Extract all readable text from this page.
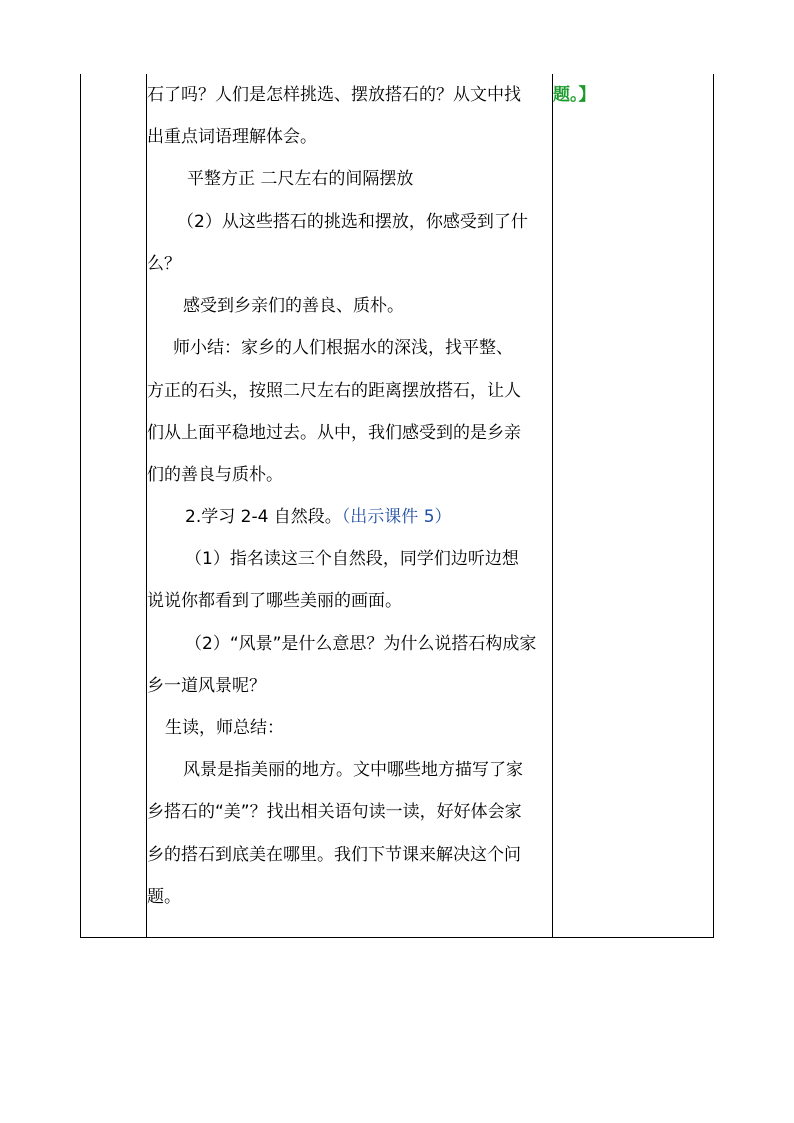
石了吗？人们是怎样挑选、摆放搭石的？从文中找
出重点词语理解体会。
平整方正 二尺左右的间隔摆放
（2）从这些搭石的挑选和摆放，你感受到了什
么？
感受到乡亲们的善良、质朴。
师小结：家乡的人们根据水的深浅，找平整、
方正的石头，按照二尺左右的距离摆放搭石，让人
们从上面平稳地过去。从中，我们感受到的是乡亲
们的善良与质朴。
2.学习 2-4 自然段。（出示课件 5）
（1）指名读这三个自然段，同学们边听边想
说说你都看到了哪些美丽的画面。
（2）“风景”是什么意思？为什么说搭石构成家
乡一道风景呢？
生读，师总结：
风景是指美丽的地方。文中哪些地方描写了家
乡搭石的“美”？找出相关语句读一读，好好体会家
乡的搭石到底美在哪里。我们下节课来解决这个问
题。
题。】
